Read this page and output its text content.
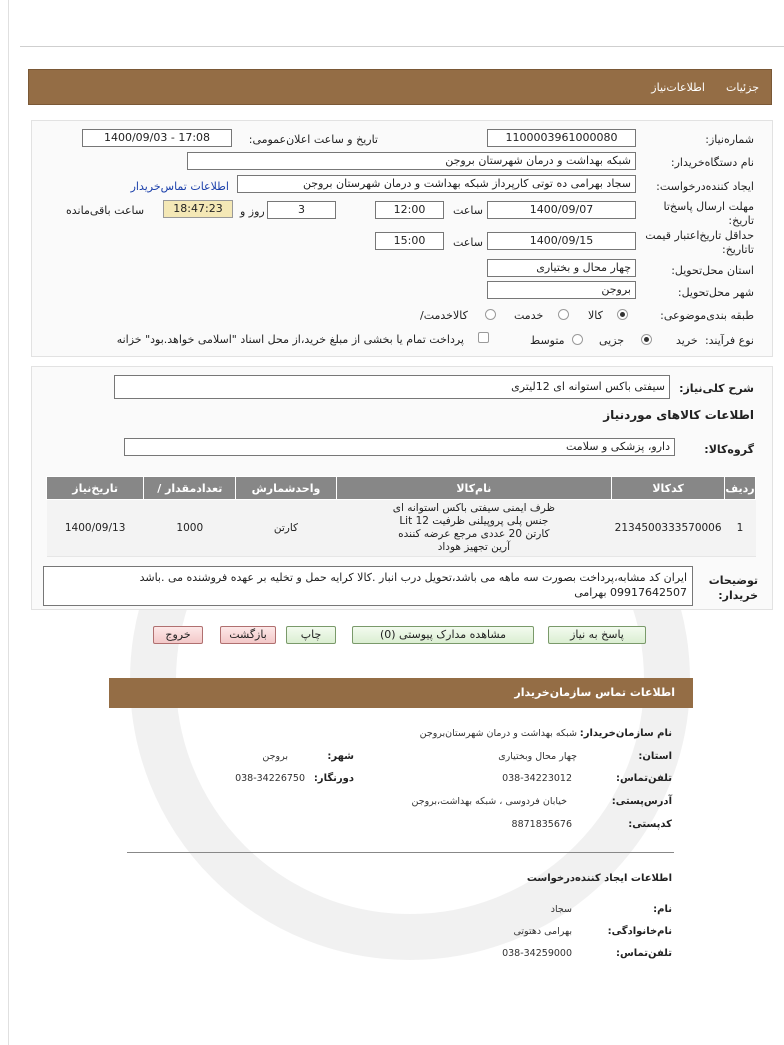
جزئیات
اطلاعات‌نیاز
شماره‌نیاز:
1100003961000080
تاریخ و ساعت اعلان‌عمومی:
1400/09/03 - 17:08
نام دستگاه‌خریدار:
شبکه بهداشت و درمان شهرستان بروجن
ایجاد کننده‌درخواست:
سجاد بهرامی ده توتی کارپرداز شبکه بهداشت و درمان شهرستان بروجن
اطلاعات تماس‌خریدار
مهلت ارسال پاسخ‌تا تاریخ:
1400/09/07
ساعت
12:00
3
روز و
18:47:23
ساعت باقی‌مانده
حداقل تاریخ‌اعتبار قیمت تا‌تاریخ:
1400/09/15
ساعت
15:00
استان محل‌تحویل:
چهار محال و بختیاری
شهر محل‌تحویل:
بروجن
طبقه بندی‌موضوعی:
کالا
خدمت
کالا‌خدمت/
نوع فرآیند:
خرید
جزیی
متوسط
پرداخت تمام یا بخشی از مبلغ خرید،از محل اسناد "اسلامی خواهد.بود" خزانه
شرح کلی‌نیاز:
سیفتی باکس استوانه ای 12لیتری
اطلاعات کالاهای موردنیاز
گروه‌کالا:
دارو، پزشکی و سلامت
ردیف	کدکالا	نام‌کالا	واحدشمارش	تعدادمقدار /	تاریخ‌نیاز
1	2134500333570006	ظرف ایمنی سیفتی باکس استوانه ای
جنس پلی پروپیلنی ظرفیت 12 Lit
کارتن 20 عددی مرجع عرضه کننده
آرین تجهیز هوداد	کارتن	1000	1400/09/13
توضیحات خریدار:
ایران کد مشابه،پرداخت بصورت سه ماهه می باشد،تحویل درب انبار .کالا کرایه حمل و تخلیه بر عهده فروشنده می .باشد
09917642507 بهرامی
پاسخ به نیاز
مشاهده مدارک پیوستی (0)
چاپ
بازگشت
خروج
اطلاعات تماس سازمان‌خریدار
نام سازمان‌خریدار:
شبکه بهداشت و درمان شهرستان‌بروجن
استان:
چهار محال وبختیاری
شهر:
بروجن
تلفن‌تماس:
038-34223012
دورنگار:
038-34226750
آدرس‌پستی:
خیابان فردوسی ، شبکه بهداشت،بروجن
کد‌پستی:
8871835676
اطلاعات ایجاد کننده‌درخواست
نام:
سجاد
نام‌خانوادگی:
بهرامی دهتوتی
تلفن‌تماس:
038-34259000
